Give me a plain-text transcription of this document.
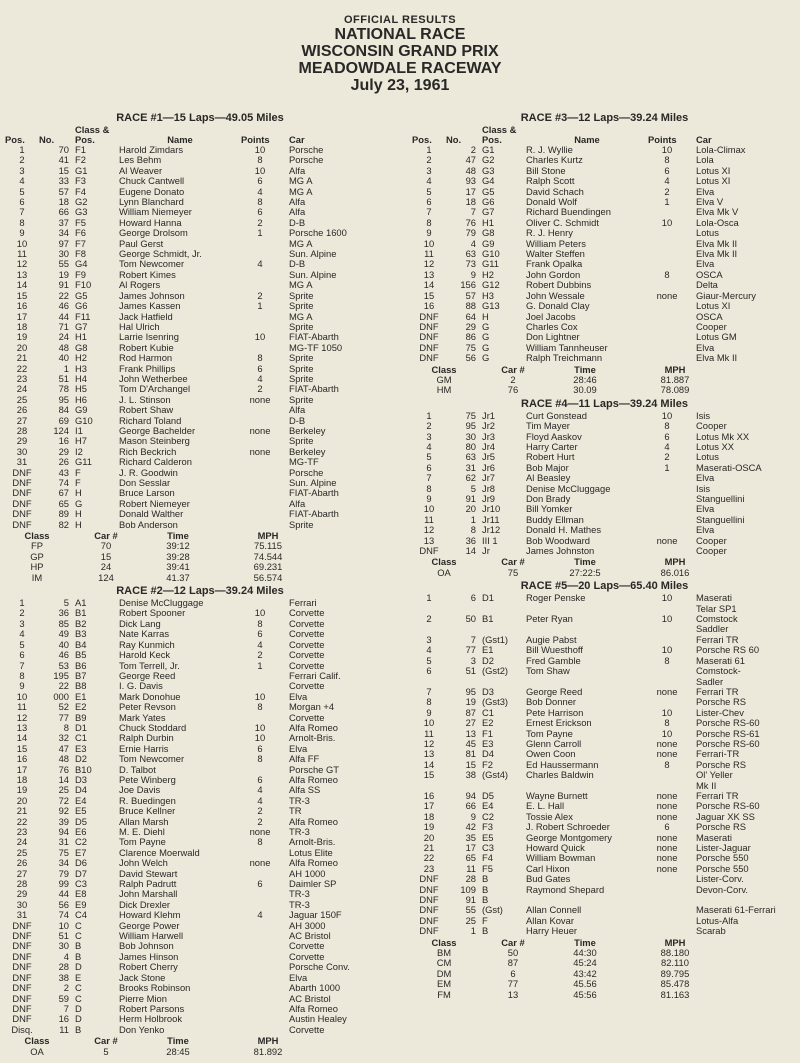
OFFICIAL RESULTS
NATIONAL RACE
WISCONSIN GRAND PRIX
MEADOWDALE RACEWAY
July 23, 1961
RACE #1—15 Laps—49.05 Miles
		Class &			
Pos.	No.	Pos.	Name	Points	Car
1	70	F1	Harold Zimdars	10	Porsche
2	41	F2	Les Behm	8	Porsche
3	15	G1	Al Weaver	10	Alfa
4	33	F3	Chuck Cantwell	6	MG A
5	57	F4	Eugene Donato	4	MG A
6	18	G2	Lynn Blanchard	8	Alfa
7	66	G3	William Niemeyer	6	Alfa
8	37	F5	Howard Hanna	2	D-B
9	34	F6	George Drolsom	1	Porsche 1600
10	97	F7	Paul Gerst		MG A
11	30	F8	George Schmidt, Jr.		Sun. Alpine
12	55	G4	Tom Newcomer	4	D-B
13	19	F9	Robert Kimes		Sun. Alpine
14	91	F10	Al Rogers		MG A
15	22	G5	James Johnson	2	Sprite
16	46	G6	James Kassen	1	Sprite
17	44	F11	Jack Hatfield		MG A
18	71	G7	Hal Ulrich		Sprite
19	24	H1	Larrie Isenring	10	FIAT-Abarth
20	48	G8	Robert Kubie		MG-TF 1050
21	40	H2	Rod Harmon	8	Sprite
22	1	H3	Frank Phillips	6	Sprite
23	51	H4	John Wetherbee	4	Sprite
24	78	H5	Tom D'Archangel	2	FIAT-Abarth
25	95	H6	J. L. Stinson	none	Sprite
26	84	G9	Robert Shaw		Alfa
27	69	G10	Richard Toland		D-B
28	124	I1	George Bachelder	none	Berkeley
29	16	H7	Mason Steinberg		Sprite
30	29	I2	Rich Beckrich	none	Berkeley
31	26	G11	Richard Calderon		MG-TF
DNF	43	F	J. R. Goodwin		Porsche
DNF	74	F	Don Sesslar		Sun. Alpine
DNF	67	H	Bruce Larson		FIAT-Abarth
DNF	65	G	Robert Niemeyer		Alfa
DNF	89	H	Donald Walther		FIAT-Abarth
DNF	82	H	Bob Anderson		Sprite
Class	Car #	Time	MPH
FP	70	39:12	75.115
GP	15	39:28	74.544
HP	24	39:41	69.231
IM	124	41.37	56.574
RACE #2—12 Laps—39.24 Miles
1	5	A1	Denise McCluggage		Ferrari
2	36	B1	Robert Spooner	10	Corvette
3	85	B2	Dick Lang	8	Corvette
4	49	B3	Nate Karras	6	Corvette
5	40	B4	Ray Kunmich	4	Corvette
6	46	B5	Harold Keck	2	Corvette
7	53	B6	Tom Terrell, Jr.	1	Corvette
8	195	B7	George Reed		Ferrari Calif.
9	22	B8	I. G. Davis		Corvette
10	000	E1	Mark Donohue	10	Elva
11	52	E2	Peter Revson	8	Morgan +4
12	77	B9	Mark Yates		Corvette
13	8	D1	Chuck Stoddard	10	Alfa Romeo
14	32	C1	Ralph Durbin	10	Arnolt-Bris.
15	47	E3	Ernie Harris	6	Elva
16	48	D2	Tom Newcomer	8	Alfa FF
17	76	B10	D. Talbot		Porsche GT
18	14	D3	Pete Winberg	6	Alfa Romeo
19	25	D4	Joe Davis	4	Alfa SS
20	72	E4	R. Buedingen	4	TR-3
21	92	E5	Bruce Kellner	2	TR
22	39	D5	Allan Marsh	2	Alfa Romeo
23	94	E6	M. E. Diehl	none	TR-3
24	31	C2	Tom Payne	8	Arnolt-Bris.
25	75	E7	Clarence Moerwald		Lotus Elite
26	34	D6	John Welch	none	Alfa Romeo
27	79	D7	David Stewart		AH 1000
28	99	C3	Ralph Padrutt	6	Daimler SP
29	44	E8	John Marshall		TR-3
30	56	E9	Dick Drexler		TR-3
31	74	C4	Howard Klehm	4	Jaguar 150F
DNF	10	C	George Power		AH 3000
DNF	51	C	William Harwell		AC Bristol
DNF	30	B	Bob Johnson		Corvette
DNF	4	B	James Hinson		Corvette
DNF	28	D	Robert Cherry		Porsche Conv.
DNF	38	E	Jack Stone		Elva
DNF	2	C	Brooks Robinson		Abarth 1000
DNF	59	C	Pierre Mion		AC Bristol
DNF	7	D	Robert Parsons		Alfa Romeo
DNF	16	D	Herm Holbrook		Austin Healey
Disq.	11	B	Don Yenko		Corvette
Class	Car #	Time	MPH
OA	5	28:45	81.892
RACE #3—12 Laps—39.24 Miles
		Class &			
Pos.	No.	Pos.	Name	Points	Car
1	2	G1	R. J. Wyllie	10	Lola-Climax
2	47	G2	Charles Kurtz	8	Lola
3	48	G3	Bill Stone	6	Lotus XI
4	93	G4	Ralph Scott	4	Lotus XI
5	17	G5	David Schach	2	Elva
6	18	G6	Donald Wolf	1	Elva V
7	7	G7	Richard Buendingen		Elva Mk V
8	76	H1	Oliver C. Schmidt	10	Lola-Osca
9	79	G8	R. J. Henry		Lotus
10	4	G9	William Peters		Elva Mk II
11	63	G10	Walter Steffen		Elva Mk II
12	73	G11	Frank Opalka		Elva
13	9	H2	John Gordon	8	OSCA
14	156	G12	Robert Dubbins		Delta
15	57	H3	John Wessale	none	Giaur-Mercury
16	88	G13	G. Donald Clay		Lotus XI
DNF	64	H	Joel Jacobs		OSCA
DNF	29	G	Charles Cox		Cooper
DNF	86	G	Don Lightner		Lotus GM
DNF	75	G	William Tannheuser		Elva
DNF	56	G	Ralph Treichmann		Elva Mk II
Class	Car #	Time	MPH
GM	2	28:46	81.887
HM	76	30.09	78.089
RACE #4—11 Laps—39.24 Miles
1	75	Jr1	Curt Gonstead	10	Isis
2	95	Jr2	Tim Mayer	8	Cooper
3	30	Jr3	Floyd Aaskov	6	Lotus Mk XX
4	80	Jr4	Harry Carter	4	Lotus XX
5	63	Jr5	Robert Hurt	2	Lotus
6	31	Jr6	Bob Major	1	Maserati-OSCA
7	62	Jr7	Al Beasley		Elva
8	5	Jr8	Denise McCluggage		Isis
9	91	Jr9	Don Brady		Stanguellini
10	20	Jr10	Bill Yomker		Elva
11	1	Jr11	Buddy Ellman		Stanguellini
12	8	Jr12	Donald H. Mathes		Elva
13	36	III 1	Bob Woodward	none	Cooper
DNF	14	Jr	James Johnston		Cooper
Class	Car #	Time	MPH
OA	75	27:22:5	86.016
RACE #5—20 Laps—65.40 Miles
1	6	D1	Roger Penske	10	Maserati
					Telar SP1
2	50	B1	Peter Ryan	10	Comstock
					Saddler
3	7	(Gst1)	Augie Pabst		Ferrari TR
4	77	E1	Bill Wuesthoff	10	Porsche RS 60
5	3	D2	Fred Gamble	8	Maserati 61
6	51	(Gst2)	Tom Shaw		Comstock-
					Sadler
7	95	D3	George Reed	none	Ferrari TR
8	19	(Gst3)	Bob Donner		Porsche RS
9	87	C1	Pete Harrison	10	Lister-Chev
10	27	E2	Ernest Erickson	8	Porsche RS-60
11	13	F1	Tom Payne	10	Porsche RS-61
12	45	E3	Glenn Carroll	none	Porsche RS-60
13	81	D4	Owen Coon	none	Ferrari-TR
14	15	F2	Ed Haussermann	8	Porsche RS
15	38	(Gst4)	Charles Baldwin		Ol' Yeller
					Mk II
16	94	D5	Wayne Burnett	none	Ferrari TR
17	66	E4	E. L. Hall	none	Porsche RS-60
18	9	C2	Tossie Alex	none	Jaguar XK SS
19	42	F3	J. Robert Schroeder	6	Porsche RS
20	35	E5	George Montgomery	none	Maserati
21	17	C3	Howard Quick	none	Lister-Jaguar
22	65	F4	William Bowman	none	Porsche 550
23	11	F5	Carl Hixon	none	Porsche 550
DNF	28	B	Bud Gates		Lister-Corv.
DNF	109	B	Raymond Shepard		Devon-Corv.
DNF	91	B			
DNF	55	(Gst)	Allan Connell		Maserati 61-Ferrari
DNF	25	F	Allan Kovar		Lotus-Alfa
DNF	1	B	Harry Heuer		Scarab
Class	Car #	Time	MPH
BM	50	44:30	88.180
CM	87	45:24	82.110
DM	6	43:42	89.795
EM	77	45.56	85.478
FM	13	45:56	81.163
